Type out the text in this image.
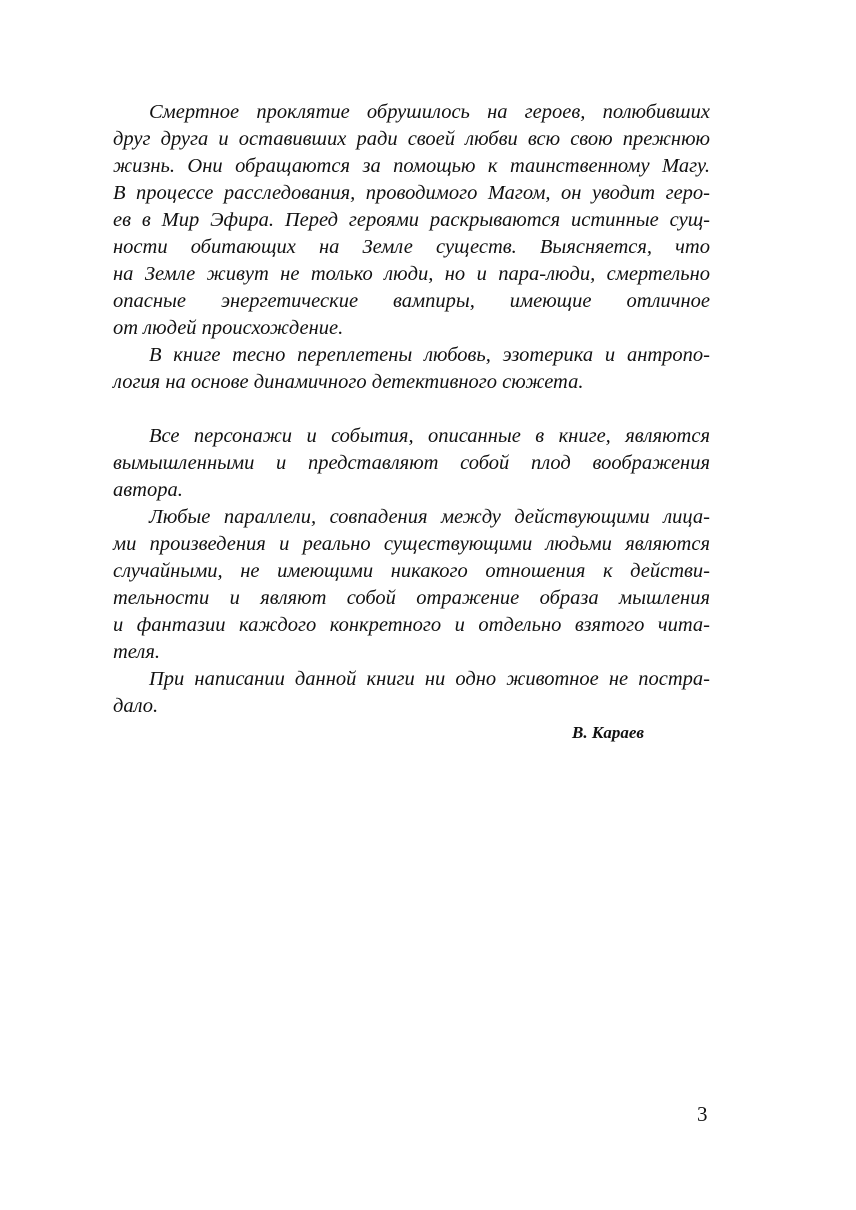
Смертное проклятие обрушилось на героев, полюбивших
друг друга и оставивших ради своей любви всю свою прежнюю
жизнь. Они обращаются за помощью к таинственному Магу.
В процессе расследования, проводимого Магом, он уводит геро-
ев в Мир Эфира. Перед героями раскрываются истинные сущ-
ности обитающих на Земле существ. Выясняется, что
на Земле живут не только люди, но и пара-люди, смертельно
опасные энергетические вампиры, имеющие отличное
от людей происхождение.
В книге тесно переплетены любовь, эзотерика и антропо-
логия на основе динамичного детективного сюжета.
Все персонажи и события, описанные в книге, являются
вымышленными и представляют собой плод воображения
автора.
Любые параллели, совпадения между действующими лица-
ми произведения и реально существующими людьми являются
случайными, не имеющими никакого отношения к действи-
тельности и являют собой отражение образа мышления
и фантазии каждого конкретного и отдельно взятого чита-
теля.
При написании данной книги ни одно животное не постра-
дало.
В. Караев
3
